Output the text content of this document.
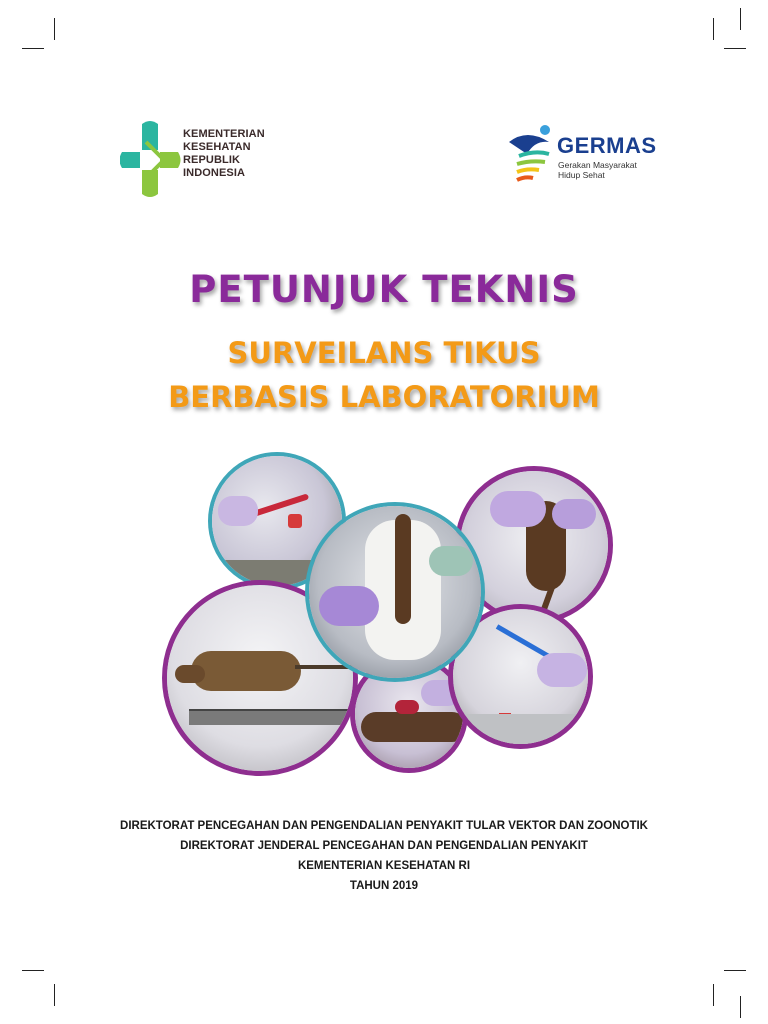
KEMENTERIAN
KESEHATAN
REPUBLIK
INDONESIA
GERMAS
Gerakan Masyarakat
Hidup Sehat
PETUNJUK TEKNIS
SURVEILANS TIKUS
BERBASIS LABORATORIUM
DIREKTORAT PENCEGAHAN DAN PENGENDALIAN PENYAKIT TULAR VEKTOR DAN ZOONOTIK
DIREKTORAT JENDERAL PENCEGAHAN DAN PENGENDALIAN PENYAKIT
KEMENTERIAN KESEHATAN RI
TAHUN 2019
